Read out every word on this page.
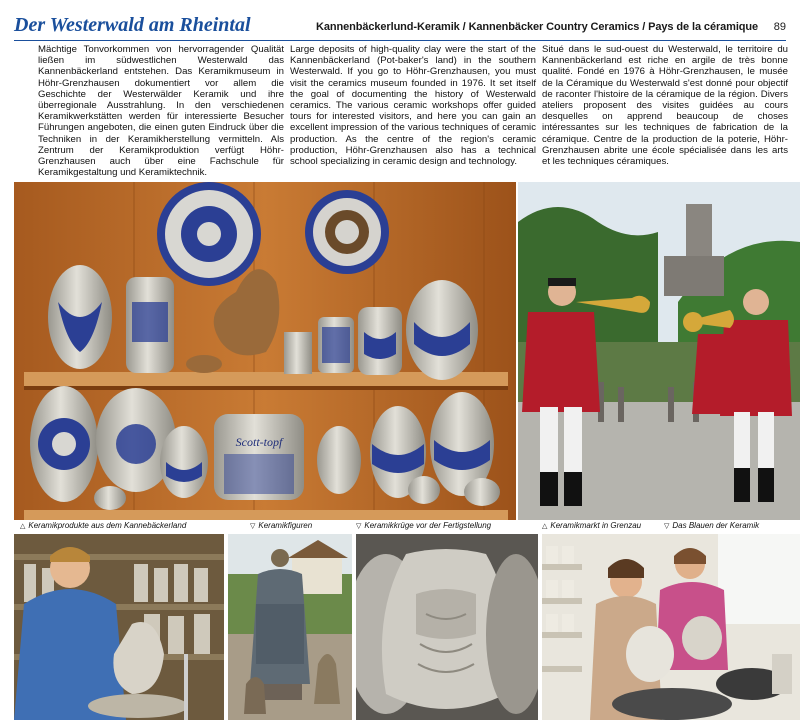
Der Westerwald am Rheintal	Kannenbäckerlund-Keramik / Kannenbäcker Country Ceramics / Pays de la céramique 89
Mächtige Tonvorkommen von hervorragender Qualität ließen im südwestlichen Westerwald das Kannenbäckerland entstehen. Das Keramikmuseum in Höhr-Grenzhausen dokumentiert vor allem die Geschichte der Westerwälder Keramik und ihre überregionale Ausstrahlung. In den verschiedenen Keramikwerkstätten werden für interessierte Besucher Führungen angeboten, die einen guten Eindruck über die Techniken in der Keramikherstellung vermitteln. Als Zentrum der Keramikproduktion verfügt Höhr-Grenzhausen auch über eine Fachschule für Keramikgestaltung und Keramiktechnik.
Large deposits of high-quality clay were the start of the Kannenbäckerland (Pot-baker's land) in the southern Westerwald. If you go to Höhr-Grenzhausen, you must visit the ceramics museum founded in 1976. It set itself the goal of documenting the history of Westerwald ceramics. The various ceramic workshops offer guided tours for interested visitors, and here you can gain an excellent impression of the various techniques of ceramic production. As the centre of the region's ceramic production, Höhr-Grenzhausen also has a technical school specializing in ceramic design and technology.
Situé dans le sud-ouest du Westerwald, le territoire du Kannenbäckerland est riche en argile de très bonne qualité. Fondé en 1976 à Höhr-Grenzhausen, le musée de la Céramique du Westerwald s'est donné pour objectif de raconter l'histoire de la céramique de la région. Divers ateliers proposent des visites guidées au cours desquelles on apprend beaucoup de choses intéressantes sur les techniques de fabrication de la céramique. Centre de la production de la poterie, Höhr-Grenzhausen abrite une école spécialisée dans les arts et les techniques céramiques.
Scott-topf
△ Keramikprodukte aus dem Kannebäckerland	▽ Keramikfiguren	▽ Keramikkrüge vor der Fertigstellung	△ Keramikmarkt in Grenzau	▽ Das Blauen der Keramik
